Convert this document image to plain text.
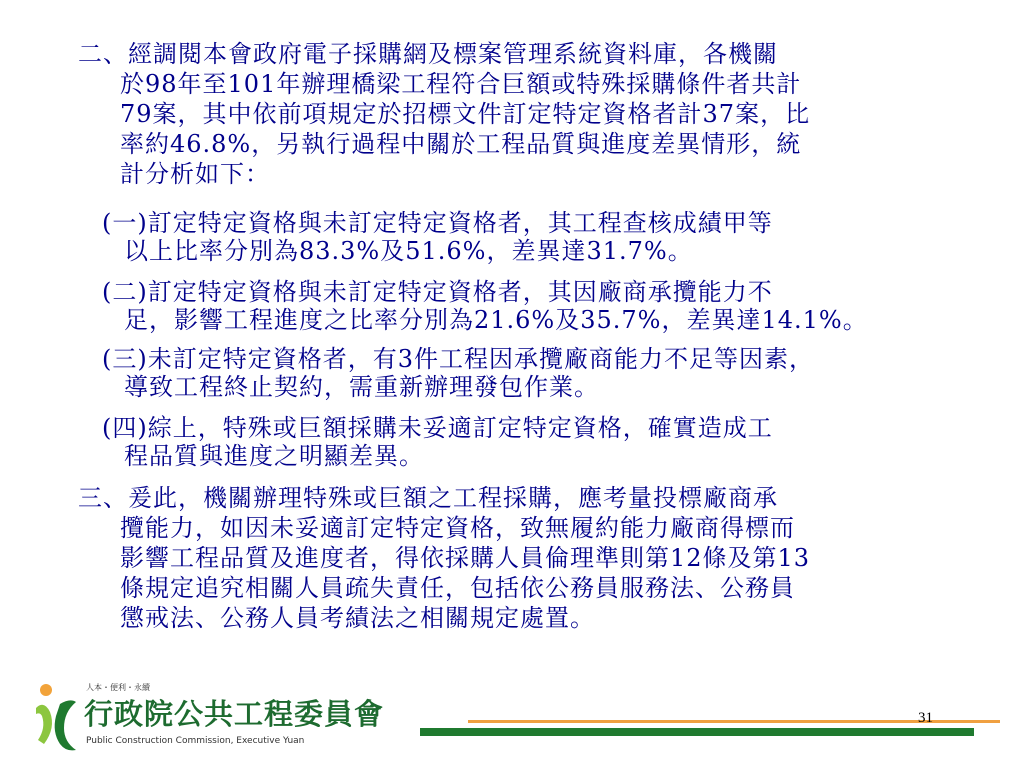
二、經調閱本會政府電子採購網及標案管理系統資料庫，各機關
於98年至101年辦理橋梁工程符合巨額或特殊採購條件者共計
79案，其中依前項規定於招標文件訂定特定資格者計37案，比
率約46.8%，另執行過程中關於工程品質與進度差異情形，統
計分析如下：
(一)訂定特定資格與未訂定特定資格者，其工程查核成績甲等
以上比率分別為83.3%及51.6%，差異達31.7%。
(二)訂定特定資格與未訂定特定資格者，其因廠商承攬能力不
足，影響工程進度之比率分別為21.6%及35.7%，差異達14.1%。
(三)未訂定特定資格者，有3件工程因承攬廠商能力不足等因素，
導致工程終止契約，需重新辦理發包作業。
(四)綜上，特殊或巨額採購未妥適訂定特定資格，確實造成工
程品質與進度之明顯差異。
三、爰此，機關辦理特殊或巨額之工程採購，應考量投標廠商承
攬能力，如因未妥適訂定特定資格，致無履約能力廠商得標而
影響工程品質及進度者，得依採購人員倫理準則第12條及第13
條規定追究相關人員疏失責任，包括依公務員服務法、公務員
懲戒法、公務人員考績法之相關規定處置。
人本・便利・永續
行政院公共工程委員會
Public Construction Commission, Executive Yuan
31
